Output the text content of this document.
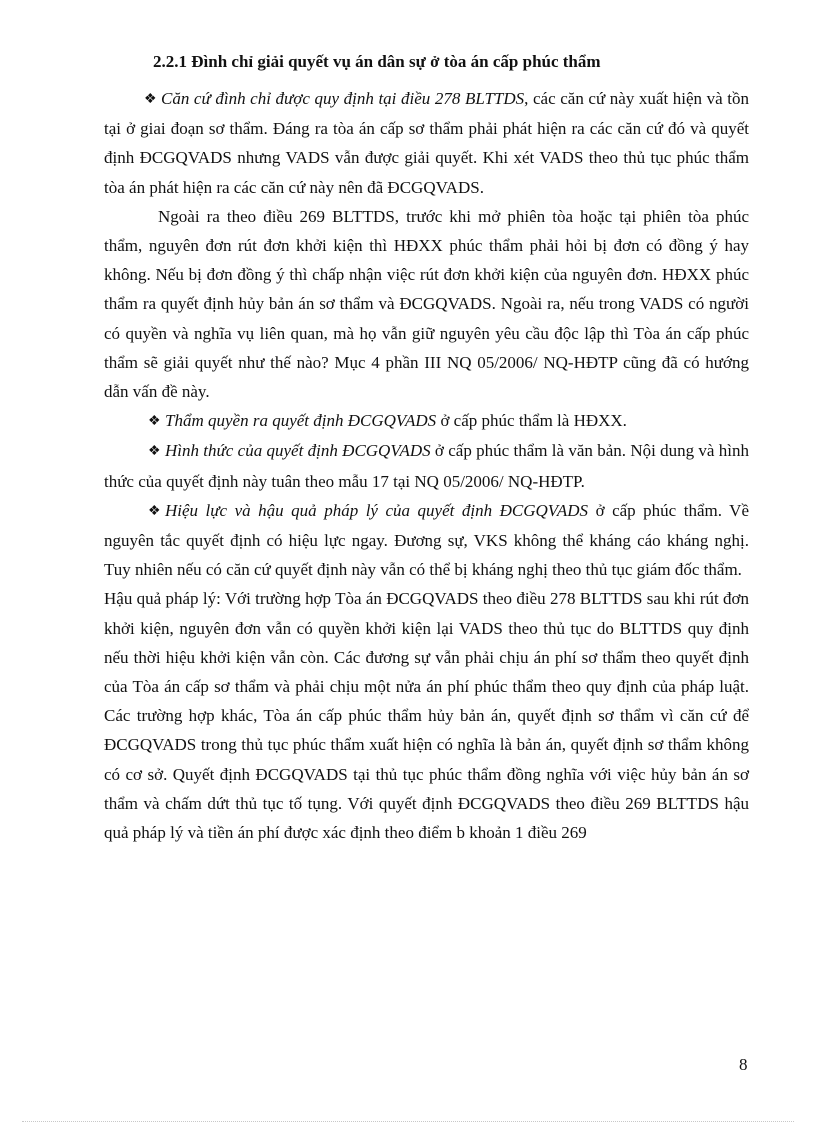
2.2.1 Đình chỉ giải quyết vụ án dân sự ở tòa án cấp phúc thẩm

❖ Căn cứ đình chỉ được quy định tại điều 278 BLTTDS, các căn cứ này xuất hiện và tồn tại ở giai đoạn sơ thẩm. Đáng ra tòa án cấp sơ thẩm phải phát hiện ra các căn cứ đó và quyết định ĐCGQVADS nhưng VADS vẫn được giải quyết. Khi xét VADS theo thủ tục phúc thẩm tòa án phát hiện ra các căn cứ này nên đã ĐCGQVADS.

Ngoài ra theo điều 269 BLTTDS, trước khi mở phiên tòa hoặc tại phiên tòa phúc thẩm, nguyên đơn rút đơn khởi kiện thì HĐXX phúc thẩm phải hỏi bị đơn có đồng ý hay không. Nếu bị đơn đồng ý thì chấp nhận việc rút đơn khởi kiện của nguyên đơn. HĐXX phúc thẩm ra quyết định hủy bản án sơ thẩm và ĐCGQVADS. Ngoài ra, nếu trong VADS có người có quyền và nghĩa vụ liên quan, mà họ vẫn giữ nguyên yêu cầu độc lập thì Tòa án cấp phúc thẩm sẽ giải quyết như thế nào? Mục 4 phần III NQ 05/2006/ NQ-HĐTP cũng đã có hướng dẫn vấn đề này.

❖ Thẩm quyền ra quyết định ĐCGQVADS ở cấp phúc thẩm là HĐXX.

❖ Hình thức của quyết định ĐCGQVADS ở cấp phúc thẩm là văn bản. Nội dung và hình thức của quyết định này tuân theo mẫu 17 tại NQ 05/2006/ NQ-HĐTP.

❖ Hiệu lực và hậu quả pháp lý của quyết định ĐCGQVADS ở cấp phúc thẩm. Về nguyên tắc quyết định có hiệu lực ngay. Đương sự, VKS không thể kháng cáo kháng nghị. Tuy nhiên nếu có căn cứ quyết định này vẫn có thể bị kháng nghị theo thủ tục giám đốc thẩm.

Hậu quả pháp lý: Với trường hợp Tòa án ĐCGQVADS theo điều 278 BLTTDS sau khi rút đơn khởi kiện, nguyên đơn vẫn có quyền khởi kiện lại VADS theo thủ tục do BLTTDS quy định nếu thời hiệu khởi kiện vẫn còn. Các đương sự vẫn phải chịu án phí sơ thẩm theo quyết định của Tòa án cấp sơ thẩm và phải chịu một nửa án phí phúc thẩm theo quy định của pháp luật. Các trường hợp khác, Tòa án cấp phúc thẩm hủy bản án, quyết định sơ thẩm vì căn cứ để ĐCGQVADS trong thủ tục phúc thẩm xuất hiện có nghĩa là bản án, quyết định sơ thẩm không có cơ sở. Quyết định ĐCGQVADS tại thủ tục phúc thẩm đồng nghĩa với việc hủy bản án sơ thẩm và chấm dứt thủ tục tố tụng. Với quyết định ĐCGQVADS theo điều 269 BLTTDS hậu quả pháp lý và tiền án phí được xác định theo điểm b khoản 1 điều 269

8
